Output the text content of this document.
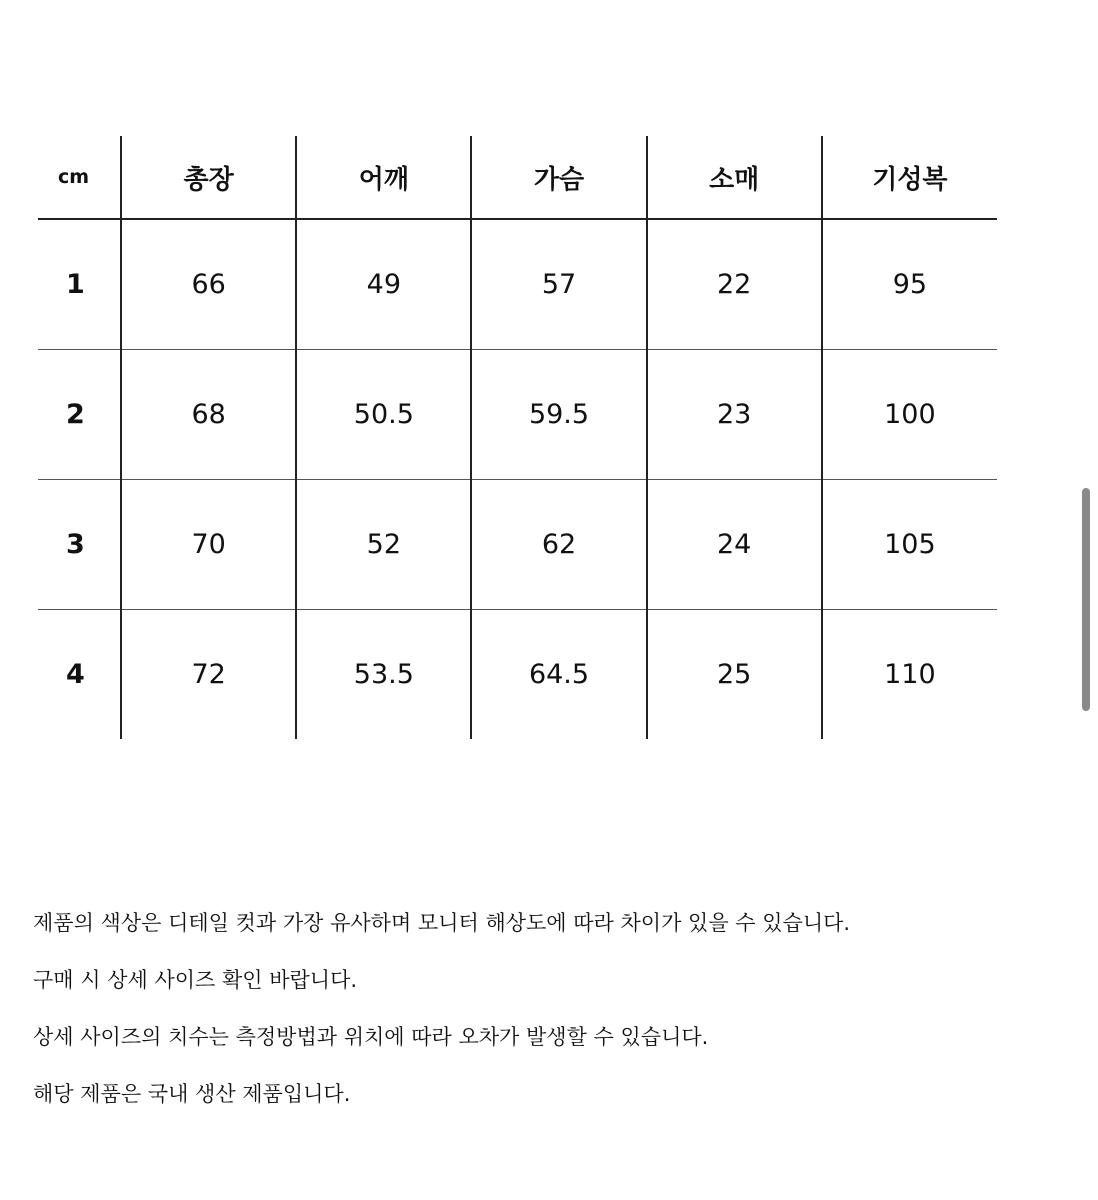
cm	총장	어깨	가슴	소매	기성복
1	66	49	57	22	95
2	68	50.5	59.5	23	100
3	70	52	62	24	105
4	72	53.5	64.5	25	110
제품의 색상은 디테일 컷과 가장 유사하며 모니터 해상도에 따라 차이가 있을 수 있습니다.
구매 시 상세 사이즈 확인 바랍니다.
상세 사이즈의 치수는 측정방법과 위치에 따라 오차가 발생할 수 있습니다.
해당 제품은 국내 생산 제품입니다.
